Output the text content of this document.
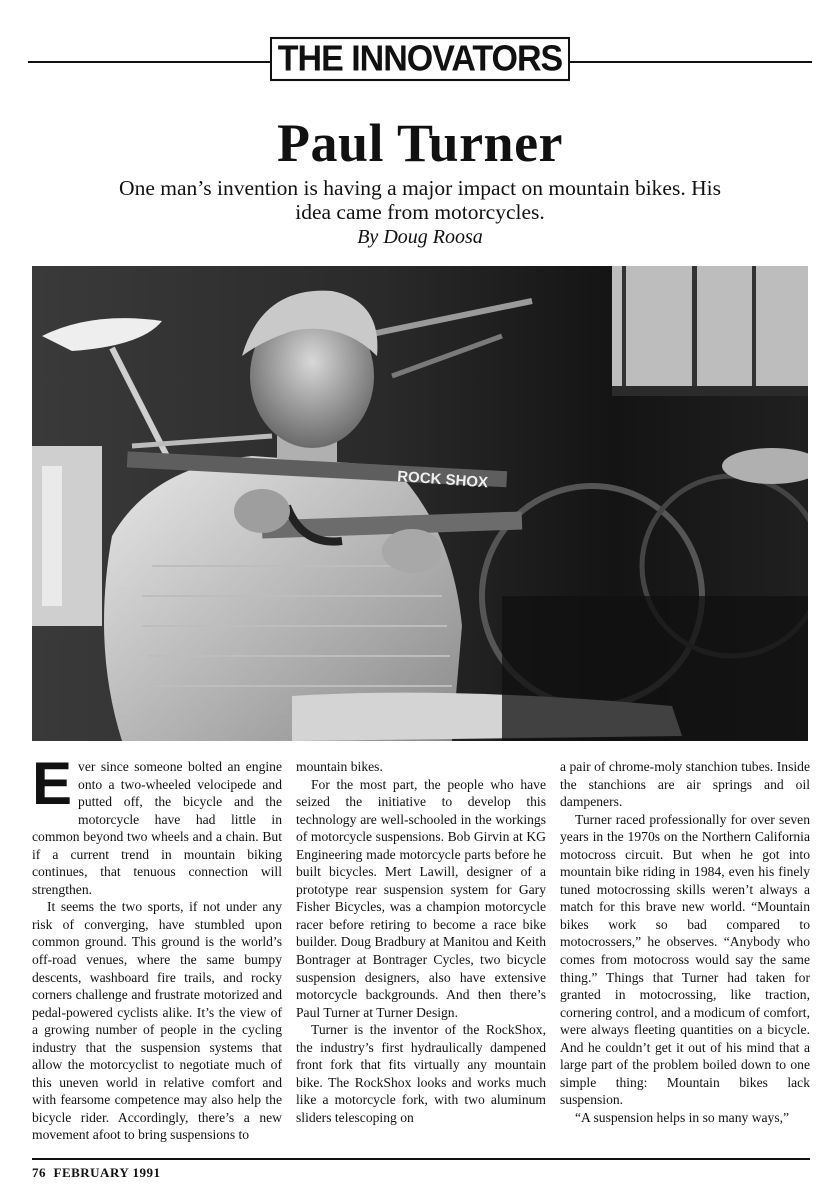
THE INNOVATORS
Paul Turner
One man’s invention is having a major impact on mountain bikes. His idea came from motorcycles.
By Doug Roosa
ROCK SHOX

Ever since someone bolted an engine onto a two-wheeled velocipede and putted off, the bicycle and the motorcycle have had little in common beyond two wheels and a chain. But if a current trend in mountain biking continues, that tenuous connection will strengthen.

It seems the two sports, if not under any risk of converging, have stumbled upon common ground. This ground is the world’s off-road venues, where the same bumpy descents, washboard fire trails, and rocky corners challenge and frustrate motorized and pedal-powered cyclists alike. It’s the view of a growing number of people in the cycling industry that the suspension systems that allow the motorcyclist to negotiate much of this uneven world in relative comfort and with fearsome competence may also help the bicycle rider. Accordingly, there’s a new movement afoot to bring suspensions to

mountain bikes.

For the most part, the people who have seized the initiative to develop this technology are well-schooled in the workings of motorcycle suspensions. Bob Girvin at KG Engineering made motorcycle parts before he built bicycles. Mert Lawill, designer of a prototype rear suspension system for Gary Fisher Bicycles, was a champion motorcycle racer before retiring to become a race bike builder. Doug Bradbury at Manitou and Keith Bontrager at Bontrager Cycles, two bicycle suspension designers, also have extensive motorcycle backgrounds. And then there’s Paul Turner at Turner Design.

Turner is the inventor of the RockShox, the industry’s first hydraulically dampened front fork that fits virtually any mountain bike. The RockShox looks and works much like a motorcycle fork, with two aluminum sliders telescoping on

a pair of chrome-moly stanchion tubes. Inside the stanchions are air springs and oil dampeners.

Turner raced professionally for over seven years in the 1970s on the Northern California motocross circuit. But when he got into mountain bike riding in 1984, even his finely tuned motocrossing skills weren’t always a match for this brave new world. “Mountain bikes work so bad compared to motocrossers,” he observes. “Anybody who comes from motocross would say the same thing.” Things that Turner had taken for granted in motocrossing, like traction, cornering control, and a modicum of comfort, were always fleeting quantities on a bicycle. And he couldn’t get it out of his mind that a large part of the problem boiled down to one simple thing: Mountain bikes lack suspension.

“A suspension helps in so many ways,”

76  FEBRUARY 1991
